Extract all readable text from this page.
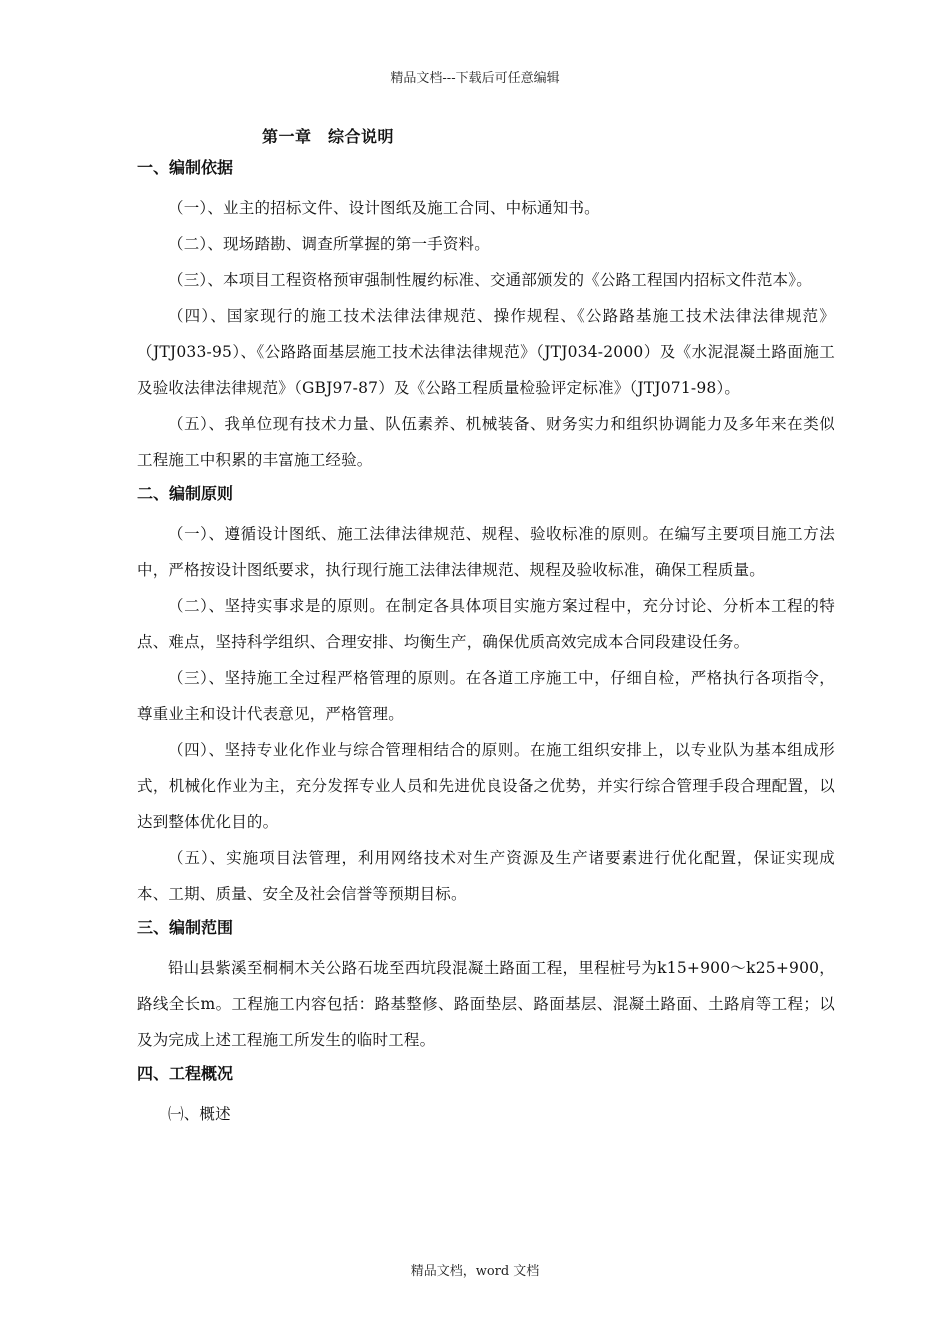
精品文档---下载后可任意编辑
第一章　综合说明
一、编制依据

（一）、业主的招标文件、设计图纸及施工合同、中标通知书。

（二）、现场踏勘、调查所掌握的第一手资料。

（三）、本项目工程资格预审强制性履约标准、交通部颁发的《公路工程国内招标文件范本》。

（四）、国家现行的施工技术法律法律规范、操作规程、《公路路基施工技术法律法律规范》（JTJ033-95）、《公路路面基层施工技术法律法律规范》（JTJ034-2000）及《水泥混凝土路面施工及验收法律法律规范》（GBJ97-87）及《公路工程质量检验评定标准》（JTJ071-98）。

（五）、我单位现有技术力量、队伍素养、机械装备、财务实力和组织协调能力及多年来在类似工程施工中积累的丰富施工经验。

二、编制原则

（一）、遵循设计图纸、施工法律法律规范、规程、验收标准的原则。在编写主要项目施工方法中，严格按设计图纸要求，执行现行施工法律法律规范、规程及验收标准，确保工程质量。

（二）、坚持实事求是的原则。在制定各具体项目实施方案过程中，充分讨论、分析本工程的特点、难点，坚持科学组织、合理安排、均衡生产，确保优质高效完成本合同段建设任务。

（三）、坚持施工全过程严格管理的原则。在各道工序施工中，仔细自检，严格执行各项指令，尊重业主和设计代表意见，严格管理。

（四）、坚持专业化作业与综合管理相结合的原则。在施工组织安排上，以专业队为基本组成形式，机械化作业为主，充分发挥专业人员和先进优良设备之优势，并实行综合管理手段合理配置，以达到整体优化目的。

（五）、实施项目法管理，利用网络技术对生产资源及生产诸要素进行优化配置，保证实现成本、工期、质量、安全及社会信誉等预期目标。

三、编制范围

铅山县紫溪至桐桐木关公路石垅至西坑段混凝土路面工程，里程桩号为k15+900～k25+900，路线全长m。工程施工内容包括：路基整修、路面垫层、路面基层、混凝土路面、土路肩等工程；以及为完成上述工程施工所发生的临时工程。

四、工程概况

㈠、概述

精品文档，word 文档
